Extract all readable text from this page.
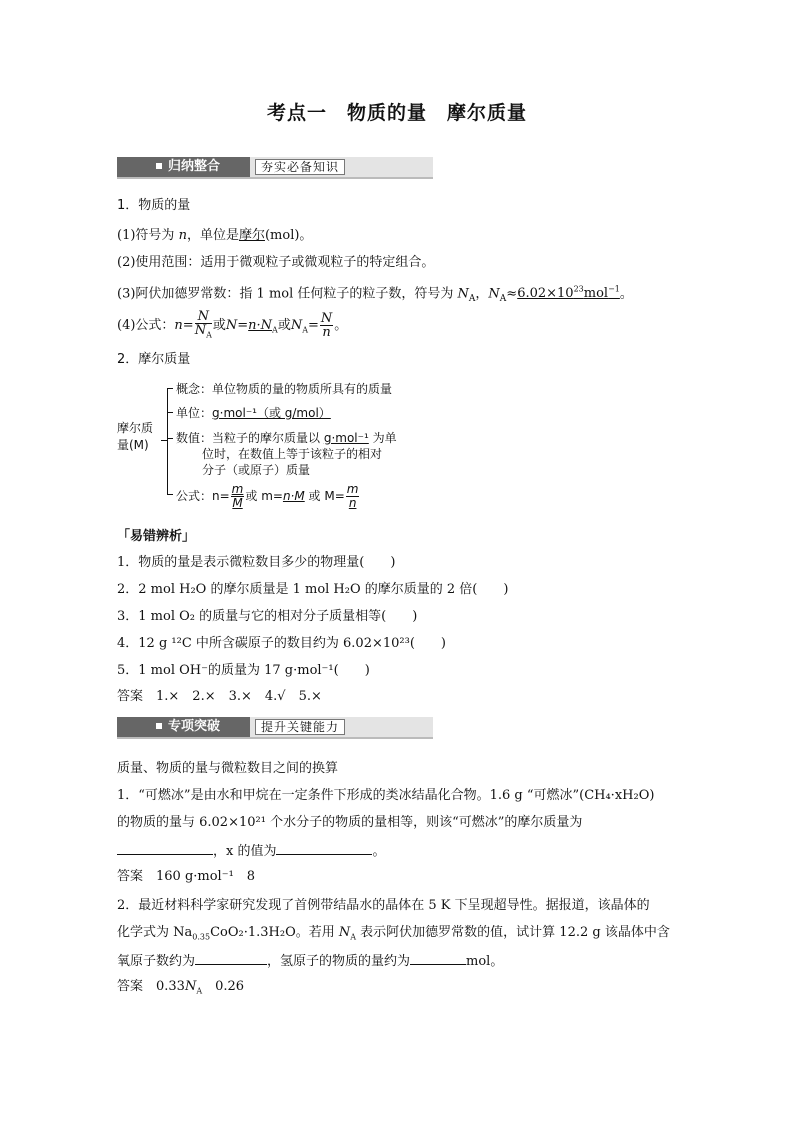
考点一 物质的量 摩尔质量
归纳整合	夯实必备知识
1．物质的量
(1)符号为 n，单位是摩尔(mol)。
(2)使用范围：适用于微观粒子或微观粒子的特定组合。
(3)阿伏加德罗常数：指 1 mol 任何粒子的粒子数，符号为 $N_A$，$N_A\approx 6.02\times 10^{23}mol^{-1}$。
(4)公式：$n= \frac{N}{N_A}$ 或$N=n\cdot N_A$或$N_A= \frac{N}{n}$ 。
2．摩尔质量
摩尔质
量(M)
概念：单位物质的量的物质所具有的质量
单位：g·mol⁻¹（或 g/mol）
数值：当粒子的摩尔质量以 g·mol⁻¹ 为单
位时，在数值上等于该粒子的相对
分子（或原子）质量
公式：$n= \frac{m}{M}$ 或 m=n·M 或 $M= \frac{m}{n}$
「易错辨析」
1．物质的量是表示微粒数目多少的物理量(　　)
2．2 mol H₂O 的摩尔质量是 1 mol H₂O 的摩尔质量的 2 倍(　　)
3．1 mol O₂ 的质量与它的相对分子质量相等(　　)
4．12 g ¹²C 中所含碳原子的数目约为 6.02×10²³(　　)
5．1 mol OH⁻的质量为 17 g·mol⁻¹(　　)
答案　1.×　2.×　3.×　4.√　5.×
专项突破	提升关键能力
质量、物质的量与微粒数目之间的换算
1．“可燃冰”是由水和甲烷在一定条件下形成的类冰结晶化合物。1.6 g “可燃冰”(CH₄·xH₂O)
的物质的量与 6.02×10²¹ 个水分子的物质的量相等，则该“可燃冰”的摩尔质量为
，x 的值为	。
答案　160 g·mol⁻¹　8
2．最近材料科学家研究发现了首例带结晶水的晶体在 5 K 下呈现超导性。据报道，该晶体的
化学式为 $Na_{0.35}CoO_2\cdot 1.3H_2O$。若用 $N_A$ 表示阿伏加德罗常数的值，试计算 12.2 g 该晶体中含
氧原子数约为	，氢原子的物质的量约为	mol。
答案　$0.33N_A$　0.26
